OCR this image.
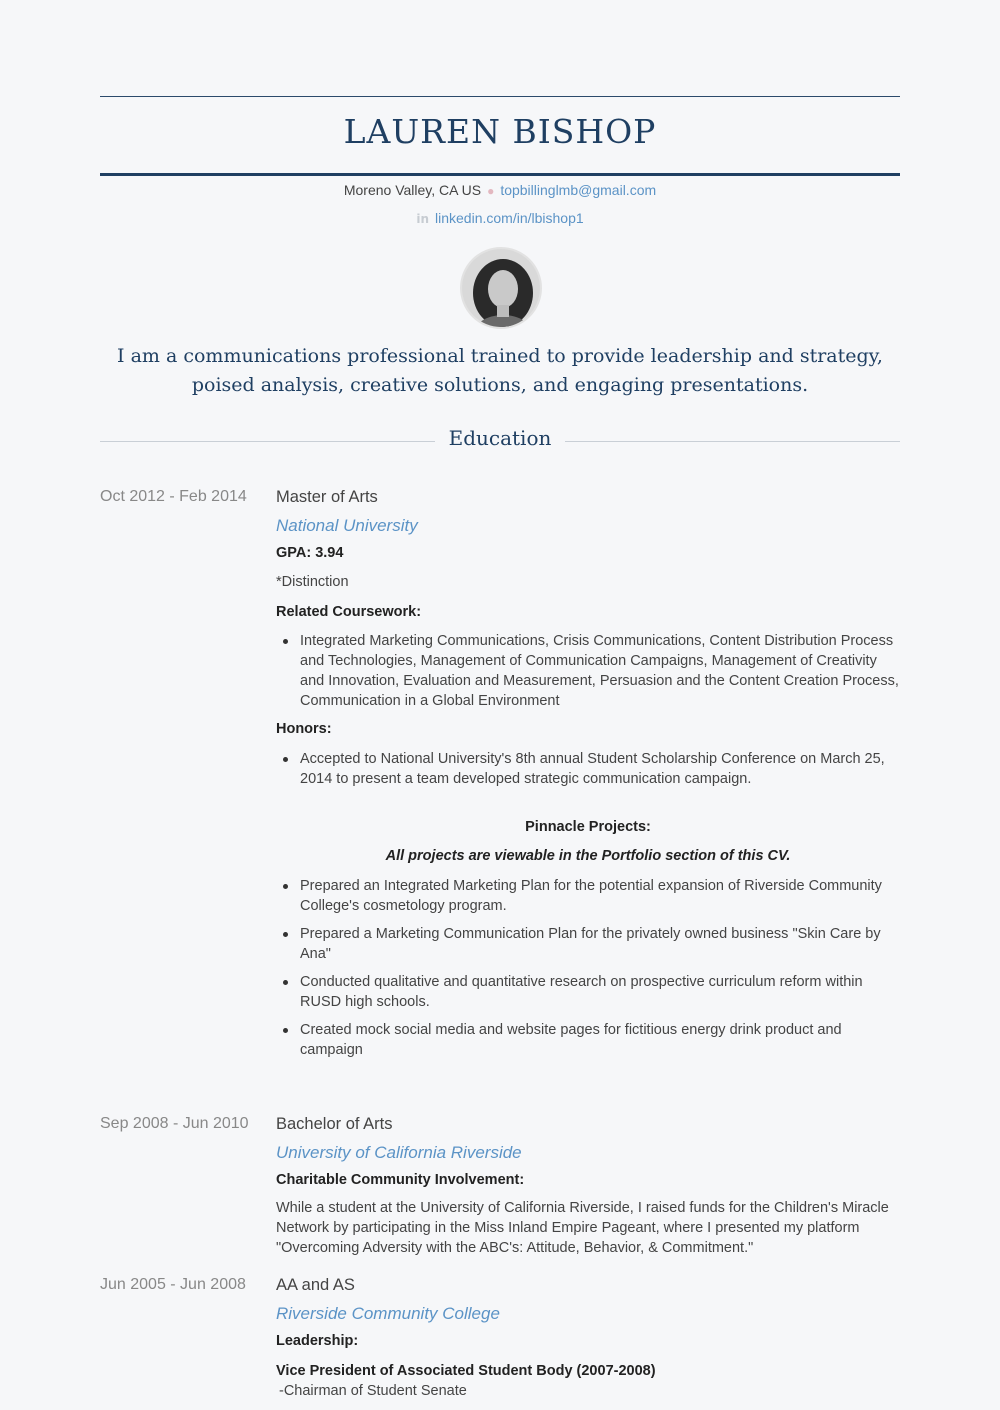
LAUREN BISHOP
Moreno Valley, CA US ● topbillinglmb@gmail.com
in linkedin.com/in/lbishop1
I am a communications professional trained to provide leadership and strategy,
poised analysis, creative solutions, and engaging presentations.
Education
Oct 2012 - Feb 2014 Master of Arts
National University
GPA: 3.94
*Distinction
Related Coursework:
Integrated Marketing Communications, Crisis Communications, Content Distribution Process
and Technologies, Management of Communication Campaigns, Management of Creativity
and Innovation, Evaluation and Measurement, Persuasion and the Content Creation Process,
Communication in a Global Environment
Honors:
Accepted to National University's 8th annual Student Scholarship Conference on March 25,
2014 to present a team developed strategic communication campaign.
Pinnacle Projects:
All projects are viewable in the Portfolio section of this CV.
Prepared an Integrated Marketing Plan for the potential expansion of Riverside Community
College's cosmetology program.
Prepared a Marketing Communication Plan for the privately owned business "Skin Care by
Ana"
Conducted qualitative and quantitative research on prospective curriculum reform within
RUSD high schools.
Created mock social media and website pages for fictitious energy drink product and
campaign
Sep 2008 - Jun 2010 Bachelor of Arts
University of California Riverside
Charitable Community Involvement:
While a student at the University of California Riverside, I raised funds for the Children's Miracle
Network by participating in the Miss Inland Empire Pageant, where I presented my platform
"Overcoming Adversity with the ABC's: Attitude, Behavior, & Commitment."
Jun 2005 - Jun 2008 AA and AS
Riverside Community College
Leadership:
Vice President of Associated Student Body (2007-2008)
-Chairman of Student Senate
